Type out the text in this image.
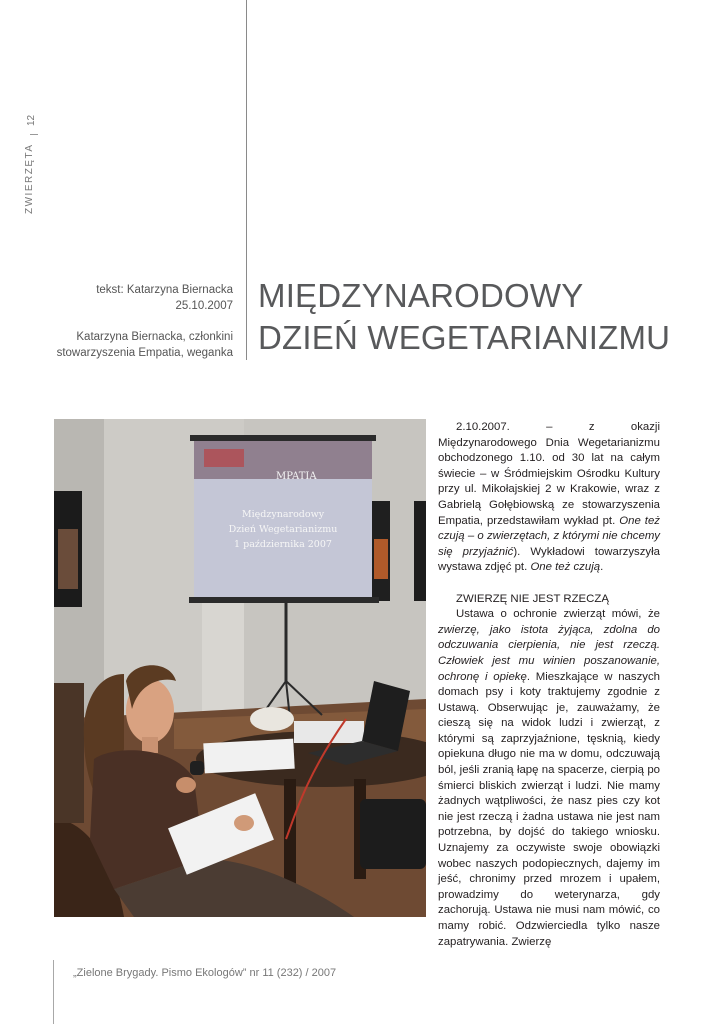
12
ZWIERZĘTA

tekst: Katarzyna Biernacka

25.10.2007

Katarzyna Biernacka, członkini

stowarzyszenia Empatia, weganka

MIĘDZYNARODOWY
DZIEŃ WEGETARIANIZMU
MPATIA
Międzynarodowy
Dzień Wegetarianizmu
1 października 2007

2.10.2007. – z okazji Międzynarodowego Dnia Wegetarianizmu obchodzonego 1.10. od 30 lat na całym świecie – w Śródmiejskim Ośrodku Kultury przy ul. Mikołajskiej 2 w Krakowie, wraz z Gabrielą Gołębiowską ze stowarzyszenia Empatia, przedstawiłam wykład pt. One też czują – o zwierzętach, z którymi nie chcemy się przyjaźnić). Wykładowi towarzyszyła wystawa zdjęć pt. One też czują.

ZWIERZĘ NIE JEST RZECZĄ

Ustawa o ochronie zwierząt mówi, że zwierzę, jako istota żyjąca, zdolna do odczuwania cierpienia, nie jest rzeczą. Człowiek jest mu winien poszanowanie, ochronę i opiekę. Mieszkające w naszych domach psy i koty traktujemy zgodnie z Ustawą. Obserwując je, zauważamy, że cieszą się na widok ludzi i zwierząt, z którymi są zaprzyjaźnione, tęsknią, kiedy opiekuna długo nie ma w domu, odczuwają ból, jeśli zranią łapę na spacerze, cierpią po śmierci bliskich zwierząt i ludzi. Nie mamy żadnych wątpliwości, że nasz pies czy kot nie jest rzeczą i żadna ustawa nie jest nam potrzebna, by dojść do takiego wniosku. Uznajemy za oczywiste swoje obowiązki wobec naszych podopiecznych, dajemy im jeść, chronimy przed mrozem i upałem, prowadzimy do weterynarza, gdy zachorują. Ustawa nie musi nam mówić, co mamy robić. Odzwierciedla tylko nasze zapatrywania. Zwierzę

„Zielone Brygady. Pismo Ekologów” nr 11 (232) / 2007
